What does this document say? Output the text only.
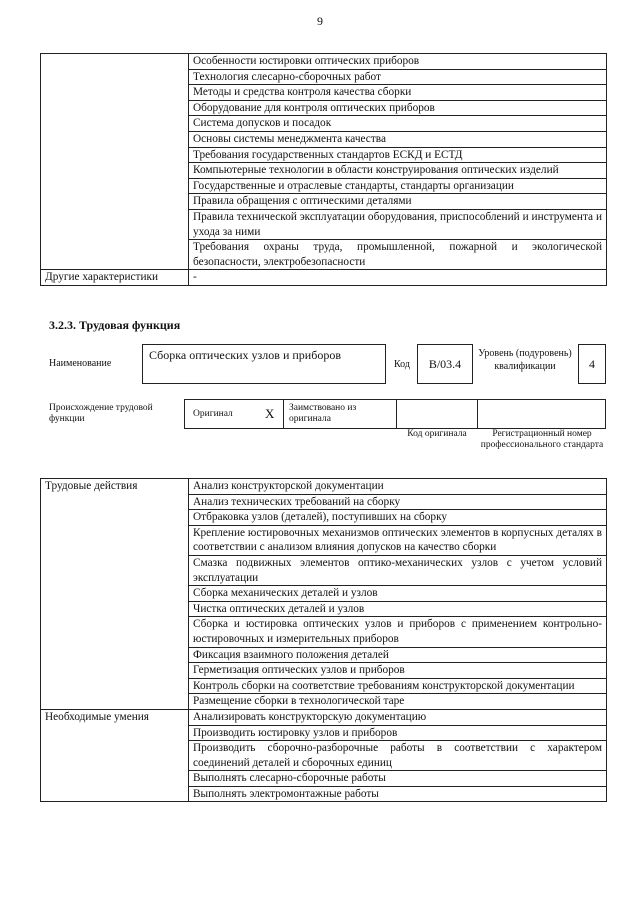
9
	Особенности юстировки оптических приборов
	Технология слесарно-сборочных работ
	Методы и средства контроля качества сборки
	Оборудование для контроля оптических приборов
	Система допусков и посадок
	Основы системы менеджмента качества
	Требования государственных стандартов ЕСКД и ЕСТД
	Компьютерные технологии в области конструирования оптических изделий
	Государственные и отраслевые стандарты, стандарты организации
	Правила обращения с оптическими деталями
	Правила технической эксплуатации оборудования, приспособлений и инструмента и ухода за ними
	Требования охраны труда, промышленной, пожарной и экологической безопасности, электробезопасности
Другие характеристики	-
3.2.3. Трудовая функция
Наименование
Сборка оптических узлов и приборов
Код B/03.4
Уровень (подуровень) квалификации	4
Происхождение трудовой функции	Оригинал X Заимствовано из оригинала
Код оригинала	Регистрационный номер профессионального стандарта
Трудовые действия	Анализ конструкторской документации
	Анализ технических требований на сборку
	Отбраковка узлов (деталей), поступивших на сборку
	Крепление юстировочных механизмов оптических элементов в корпусных деталях в соответствии с анализом влияния допусков на качество сборки
	Смазка подвижных элементов оптико-механических узлов с учетом условий эксплуатации
	Сборка механических деталей и узлов
	Чистка оптических деталей и узлов
	Сборка и юстировка оптических узлов и приборов с применением контрольно-юстировочных и измерительных приборов
	Фиксация взаимного положения деталей
	Герметизация оптических узлов и приборов
	Контроль сборки на соответствие требованиям конструкторской документации
	Размещение сборки в технологической таре
Необходимые умения	Анализировать конструкторскую документацию
	Производить юстировку узлов и приборов
	Производить сборочно-разборочные работы в соответствии с характером соединений деталей и сборочных единиц
	Выполнять слесарно-сборочные работы
	Выполнять электромонтажные работы
